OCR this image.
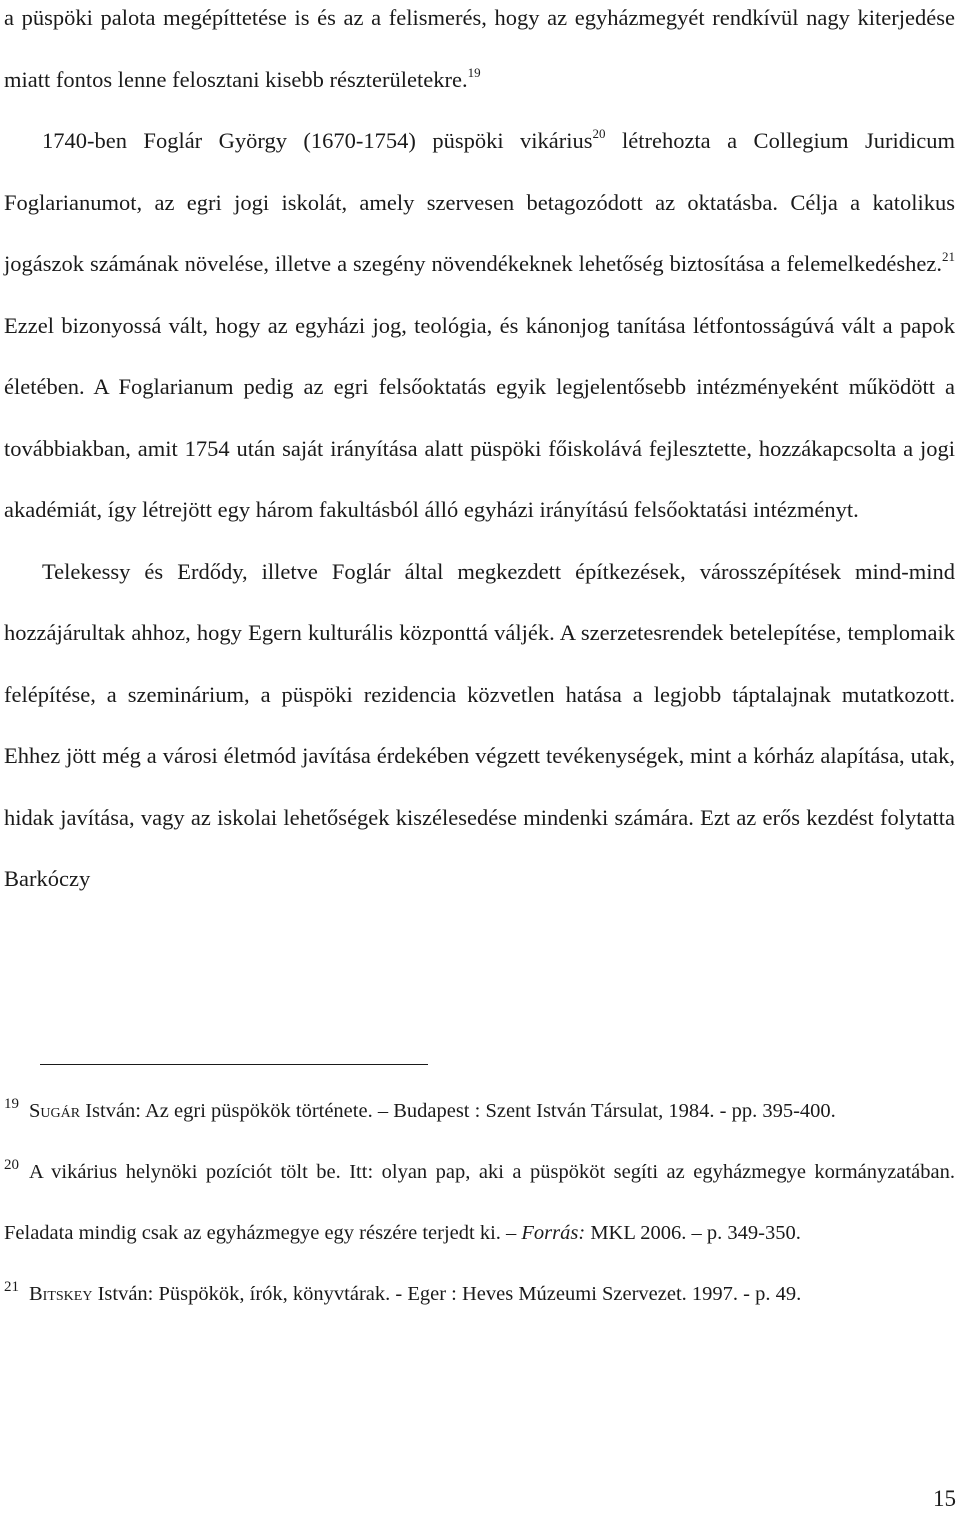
a püspöki palota megépíttetése is és az a felismerés, hogy az egyházmegyét rendkívül nagy kiterjedése miatt fontos lenne felosztani kisebb részterületekre.$^{19}$

1740-ben Foglár György (1670-1754) püspöki vikárius$^{20}$ létrehozta a Collegium Juridicum Foglarianumot, az egri jogi iskolát, amely szervesen betagozódott az oktatásba. Célja a katolikus jogászok számának növelése, illetve a szegény növendékeknek lehetőség biztosítása a felemelkedéshez.$^{21}$ Ezzel bizonyossá vált, hogy az egyházi jog, teológia, és kánonjog tanítása létfontosságúvá vált a papok életében. A Foglarianum pedig az egri felsőoktatás egyik legjelentősebb intézményeként működött a továbbiakban, amit 1754 után saját irányítása alatt püspöki főiskolává fejlesztette, hozzákapcsolta a jogi akadémiát, így létrejött egy három fakultásból álló egyházi irányítású felsőoktatási intézményt.

Telekessy és Erdődy, illetve Foglár által megkezdett építkezések, városszépítések mind-mind hozzájárultak ahhoz, hogy Egern kulturális központtá váljék. A szerzetesrendek betelepítése, templomaik felépítése, a szeminárium, a püspöki rezidencia közvetlen hatása a legjobb táptalajnak mutatkozott. Ehhez jött még a városi életmód javítása érdekében végzett tevékenységek, mint a kórház alapítása, utak, hidak javítása, vagy az iskolai lehetőségek kiszélesedése mindenki számára. Ezt az erős kezdést folytatta Barkóczy

$^{19}$ Sugár István: Az egri püspökök története. – Budapest : Szent István Társulat, 1984. - pp. 395-400.

$^{20}$ A vikárius helynöki pozíciót tölt be. Itt: olyan pap, aki a püspököt segíti az egyházmegye kormányzatában. Feladata mindig csak az egyházmegye egy részére terjedt ki. – Forrás: MKL 2006. – p. 349-350.

$^{21}$ Bitskey István: Püspökök, írók, könyvtárak. - Eger : Heves Múzeumi Szervezet. 1997. - p. 49.

15
